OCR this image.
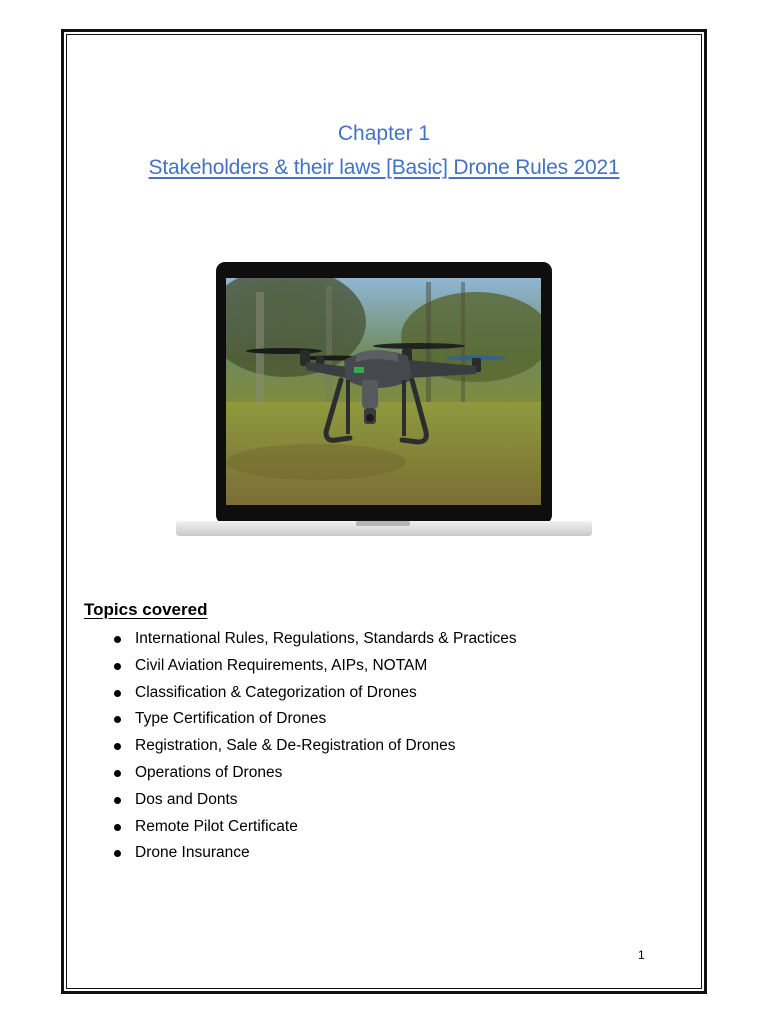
Chapter 1
Stakeholders & their laws [Basic] Drone Rules 2021
Topics covered
International Rules, Regulations, Standards & Practices
Civil Aviation Requirements, AIPs, NOTAM
Classification & Categorization of Drones
Type Certification of Drones
Registration, Sale & De-Registration of Drones
Operations of Drones
Dos and Donts
Remote Pilot Certificate
Drone Insurance
1
